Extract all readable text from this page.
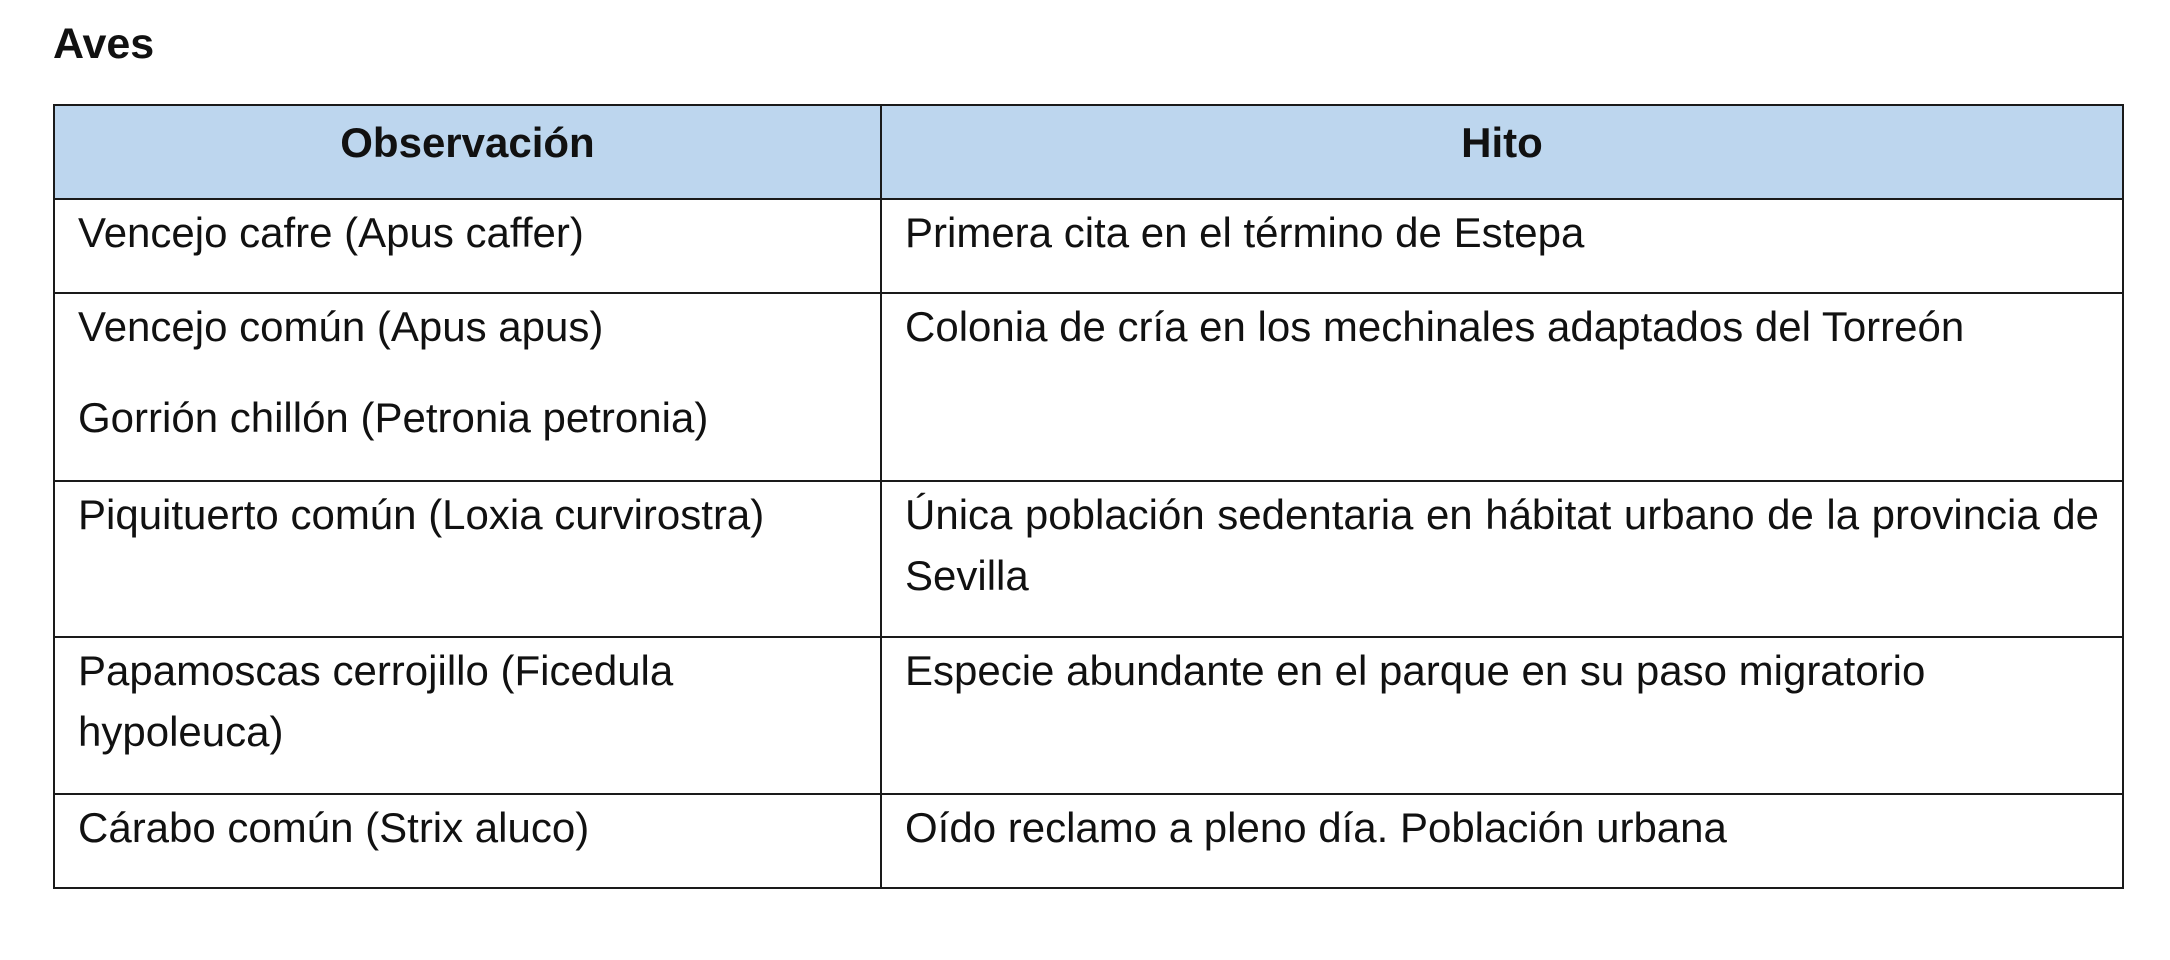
Aves
Observación	Hito

Vencejo cafre (Apus caffer)	Primera cita en el término de Estepa

Vencejo común (Apus apus)
Gorrión chillón (Petronia petronia)	Colonia de cría en los mechinales adaptados del Torreón

Piquituerto común (Loxia curvirostra)	Única población sedentaria en hábitat urbano de la provincia de Sevilla

Papamoscas cerrojillo (Ficedula hypoleuca)	Especie abundante en el parque en su paso migratorio

Cárabo común (Strix aluco)	Oído reclamo a pleno día. Población urbana
